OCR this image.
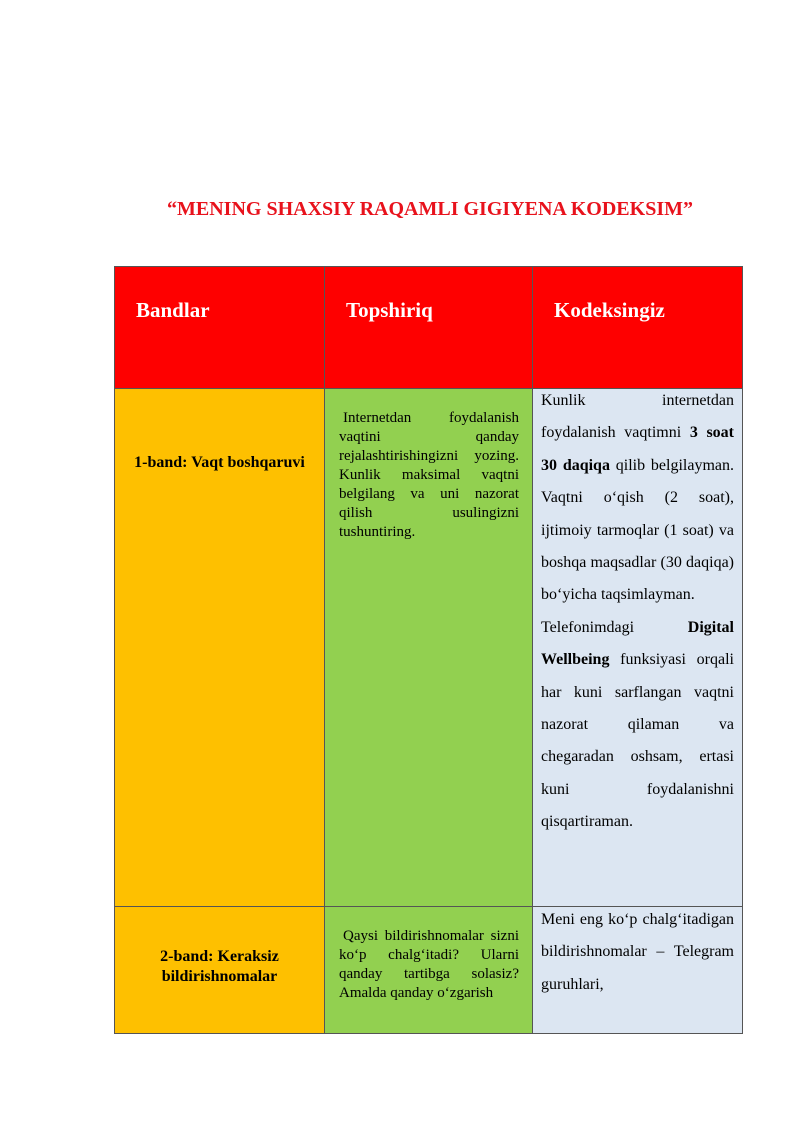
“MENING SHAXSIY RAQAMLI GIGIYENA KODEKSIM”
Bandlar	Topshiriq	Kodeksingiz
1-band: Vaqt boshqaruvi
Internetdan foydalanish vaqtini qanday rejalashtirishingizni yozing. Kunlik maksimal vaqtni belgilang va uni nazorat qilish usulingizni tushuntiring.

Kunlik internetdan foydalanish vaqtimni 3 soat 30 daqiqa qilib belgilayman. Vaqtni o‘qish (2 soat), ijtimoiy tarmoqlar (1 soat) va boshqa maqsadlar (30 daqiqa) bo‘yicha taqsimlayman.

Telefonimdagi Digital Wellbeing funksiyasi orqali har kuni sarflangan vaqtni nazorat qilaman va chegaradan oshsam, ertasi kuni foydalanishni qisqartiraman.

2-band: Keraksiz bildirishnomalar
Qaysi bildirishnomalar sizni ko‘p chalg‘itadi? Ularni qanday tartibga solasiz? Amalda qanday o‘zgarish

Meni eng ko‘p chalg‘itadigan bildirishnomalar – Telegram guruhlari,
